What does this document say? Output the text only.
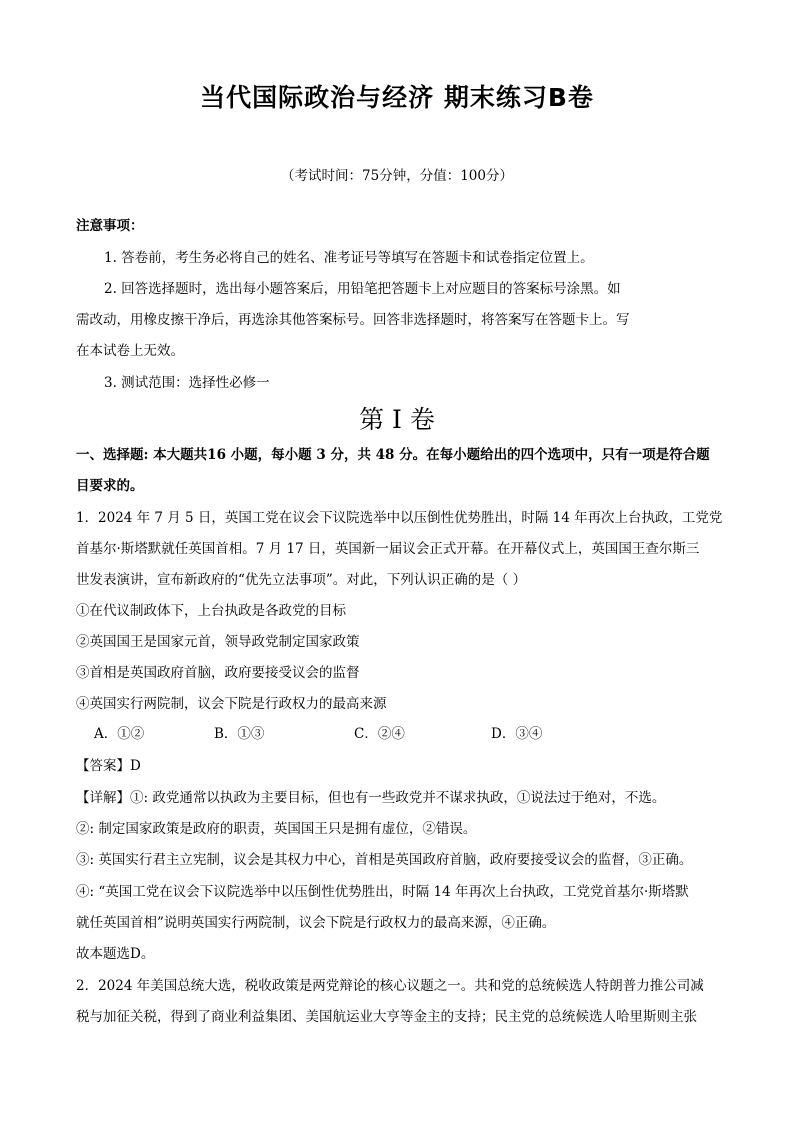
当代国际政治与经济 期末练习B卷
（考试时间：75分钟，分值：100分）
注意事项：
1. 答卷前，考生务必将自己的姓名、准考证号等填写在答题卡和试卷指定位置上。
2. 回答选择题时，选出每小题答案后，用铅笔把答题卡上对应题目的答案标号涂黑。如
需改动，用橡皮擦干净后，再选涂其他答案标号。回答非选择题时，将答案写在答题卡上。写
在本试卷上无效。
3. 测试范围：选择性必修一
第 I 卷
一、选择题: 本大题共16 小题，每小题 3 分，共 48 分。在每小题给出的四个选项中，只有一项是符合题
目要求的。
1．2024 年 7 月 5 日，英国工党在议会下议院选举中以压倒性优势胜出，时隔 14 年再次上台执政，工党党
首基尔·斯塔默就任英国首相。7 月 17 日，英国新一届议会正式开幕。在开幕仪式上，英国国王查尔斯三
世发表演讲，宣布新政府的“优先立法事项”。对此，下列认识正确的是（ ）
①在代议制政体下，上台执政是各政党的目标
②英国国王是国家元首，领导政党制定国家政策
③首相是英国政府首脑，政府要接受议会的监督
④英国实行两院制，议会下院是行政权力的最高来源
A．①②	B．①③	C．②④	D．③④
【答案】D
【详解】①: 政党通常以执政为主要目标，但也有一些政党并不谋求执政，①说法过于绝对，不选。
②: 制定国家政策是政府的职责，英国国王只是拥有虚位，②错误。
③: 英国实行君主立宪制，议会是其权力中心，首相是英国政府首脑，政府要接受议会的监督，③正确。
④: “英国工党在议会下议院选举中以压倒性优势胜出，时隔 14 年再次上台执政，工党党首基尔·斯塔默
就任英国首相”说明英国实行两院制，议会下院是行政权力的最高来源，④正确。
故本题选D。
2．2024 年美国总统大选，税收政策是两党辩论的核心议题之一。共和党的总统候选人特朗普力推公司减
税与加征关税，得到了商业利益集团、美国航运业大亨等金主的支持；民主党的总统候选人哈里斯则主张
